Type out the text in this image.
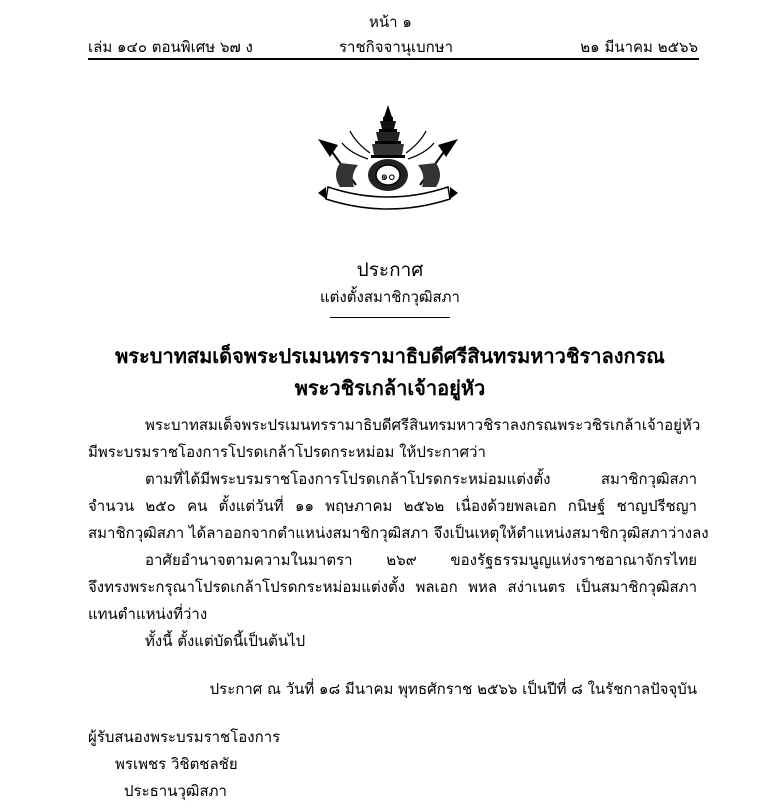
หน้า ๑
เล่ม ๑๔๐ ตอนพิเศษ ๖๗ ง	ราชกิจจานุเบกษา	๒๑ มีนาคม ๒๕๖๖
๑๐
ประกาศ
แต่งตั้งสมาชิกวุฒิสภา
พระบาทสมเด็จพระปรเมนทรรามาธิบดีศรีสินทรมหาวชิราลงกรณ
พระวชิรเกล้าเจ้าอยู่หัว
พระบาทสมเด็จพระปรเมนทรรามาธิบดีศรีสินทรมหาวชิราลงกรณ พระวชิรเกล้าเจ้าอยู่หัว
มีพระบรมราชโองการโปรดเกล้าโปรดกระหม่อม ให้ประกาศว่า
ตามที่ได้มีพระบรมราชโองการโปรดเกล้าโปรดกระหม่อมแต่งตั้ง	สมาชิกวุฒิสภา
จำนวน ๒๕๐ คน ตั้งแต่วันที่ ๑๑ พฤษภาคม ๒๕๖๒ เนื่องด้วยพลเอก กนิษฐ์ ชาญปรีชญา
สมาชิกวุฒิสภา ได้ลาออกจากตำแหน่งสมาชิกวุฒิสภา จึงเป็นเหตุให้ตำแหน่งสมาชิกวุฒิสภาว่างลง
อาศัยอำนาจตามความในมาตรา ๒๖๙ ของรัฐธรรมนูญแห่งราชอาณาจักรไทย
จึงทรงพระกรุณาโปรดเกล้าโปรดกระหม่อมแต่งตั้ง พลเอก พหล สง่าเนตร เป็นสมาชิกวุฒิสภา
แทนตำแหน่งที่ว่าง
ทั้งนี้ ตั้งแต่บัดนี้เป็นต้นไป
ประกาศ ณ วันที่ ๑๘ มีนาคม พุทธศักราช ๒๕๖๖ เป็นปีที่ ๘ ในรัชกาลปัจจุบัน
ผู้รับสนองพระบรมราชโองการ
พรเพชร วิชิตชลชัย
ประธานวุฒิสภา
